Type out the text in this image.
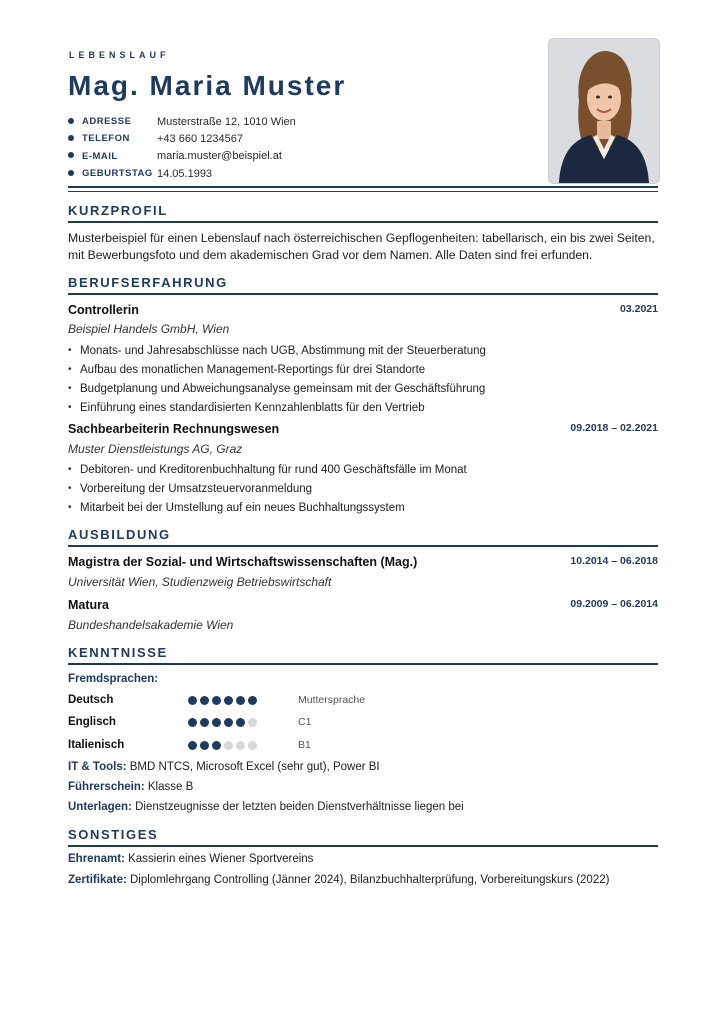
LEBENSLAUF
Mag. Maria Muster
ADRESSE	Musterstraße 12, 1010 Wien
TELEFON	+43 660 1234567
E-MAIL	maria.muster@beispiel.at
GEBURTSTAG 14.05.1993
KURZPROFIL
Musterbeispiel für einen Lebenslauf nach österreichischen Gepflogenheiten: tabellarisch, ein bis zwei Seiten, mit Bewerbungsfoto und dem akademischen Grad vor dem Namen. Alle Daten sind frei erfunden.
BERUFSERFAHRUNG
Controllerin	03.2021
Beispiel Handels GmbH, Wien
• Monats- und Jahresabschlüsse nach UGB, Abstimmung mit der Steuerberatung
• Aufbau des monatlichen Management-Reportings für drei Standorte
• Budgetplanung und Abweichungsanalyse gemeinsam mit der Geschäftsführung
• Einführung eines standardisierten Kennzahlenblatts für den Vertrieb
Sachbearbeiterin Rechnungswesen	09.2018 – 02.2021
Muster Dienstleistungs AG, Graz
• Debitoren- und Kreditorenbuchhaltung für rund 400 Geschäftsfälle im Monat
• Vorbereitung der Umsatzsteuervoranmeldung
• Mitarbeit bei der Umstellung auf ein neues Buchhaltungssystem
AUSBILDUNG
Magistra der Sozial- und Wirtschaftswissenschaften (Mag.)	10.2014 – 06.2018
Universität Wien, Studienzweig Betriebswirtschaft
Matura	09.2009 – 06.2014
Bundeshandelsakademie Wien
KENNTNISSE
Fremdsprachen:
Deutsch	Muttersprache
Englisch	C1
Italienisch	B1
IT & Tools: BMD NTCS, Microsoft Excel (sehr gut), Power BI
Führerschein: Klasse B
Unterlagen: Dienstzeugnisse der letzten beiden Dienstverhältnisse liegen bei
SONSTIGES
Ehrenamt: Kassierin eines Wiener Sportvereins
Zertifikate: Diplomlehrgang Controlling (Jänner 2024), Bilanzbuchhalterprüfung, Vorbereitungskurs (2022)
